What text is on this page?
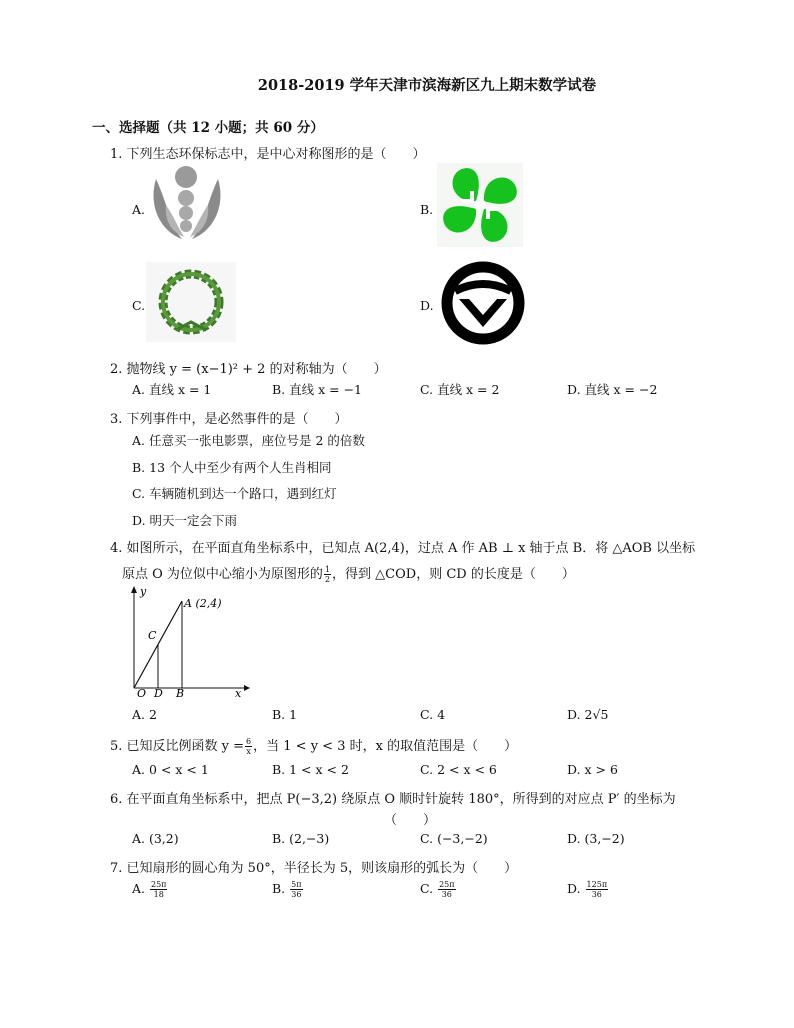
2018-2019 学年天津市滨海新区九上期末数学试卷
一、选择题（共 12 小题；共 60 分）
1. 下列生态环保标志中，是中心对称图形的是（　　）
A.	B.
C.	D.
2. 抛物线 y = (x−1)² + 2 的对称轴为（　　）
A. 直线 x = 1	B. 直线 x = −1	C. 直线 x = 2	D. 直线 x = −2
3. 下列事件中，是必然事件的是（　　）
A. 任意买一张电影票，座位号是 2 的倍数
B. 13 个人中至少有两个人生肖相同
C. 车辆随机到达一个路口，遇到红灯
D. 明天一定会下雨
4. 如图所示，在平面直角坐标系中，已知点 A(2,4)，过点 A 作 AB ⊥ x 轴于点 B．将 △AOB 以坐标
原点 O 为位似中心缩小为原图形的 $\frac{1}{2}$ ，得到 △COD，则 CD 的长度是（　　）
y
x
A (2,4)
C
O D B
A. 2	B. 1	C. 4	D. 2√5
5. 已知反比例函数 $y = \frac{6}{x}$ ，当 1 < y < 3 时，x 的取值范围是（　　）
A. 0 < x < 1	B. 1 < x < 2	C. 2 < x < 6	D. x > 6
6. 在平面直角坐标系中，把点 P(−3,2) 绕原点 O 顺时针旋转 180°，所得到的对应点 P′ 的坐标为
（　　）
A. (3,2)	B. (2,−3)	C. (−3,−2)	D. (3,−2)
7. 已知扇形的圆心角为 50°，半径长为 5，则该扇形的弧长为（　　）
A. $\frac{25\pi}{18}$	B. $\frac{5\pi}{36}$	C. $\frac{25\pi}{36}$	D. $\frac{125\pi}{36}$
